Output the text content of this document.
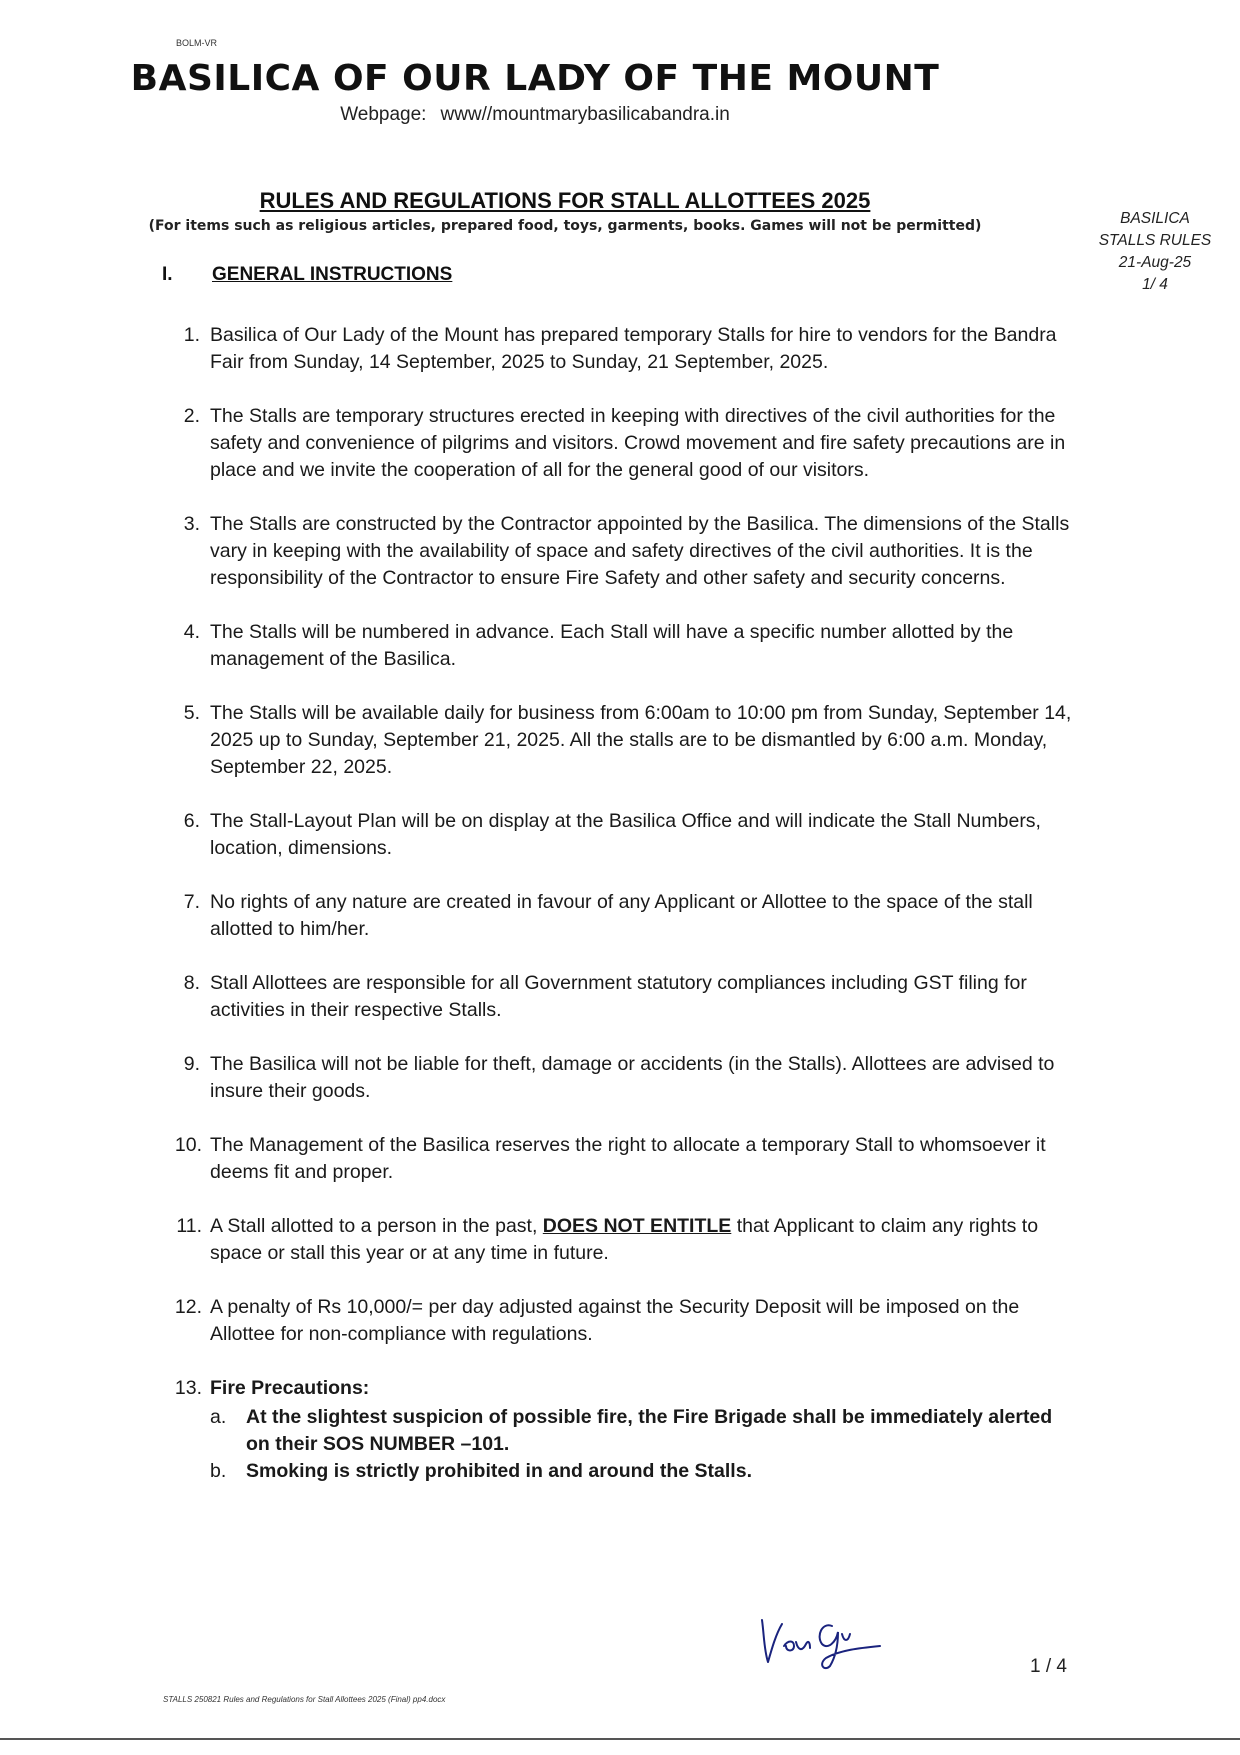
BOLM-VR
BASILICA OF OUR LADY OF THE MOUNT
Webpage: www//mountmarybasilicabandra.in
RULES AND REGULATIONS FOR STALL ALLOTTEES 2025
(For items such as religious articles, prepared food, toys, garments, books. Games will not be permitted)	BASILICA
STALLS RULES
21-Aug-25
1/ 4
I. GENERAL INSTRUCTIONS
1. Basilica of Our Lady of the Mount has prepared temporary Stalls for hire to vendors for the Bandra Fair from Sunday, 14 September, 2025 to Sunday, 21 September, 2025.
2. The Stalls are temporary structures erected in keeping with directives of the civil authorities for the safety and convenience of pilgrims and visitors. Crowd movement and fire safety precautions are in place and we invite the cooperation of all for the general good of our visitors.
3. The Stalls are constructed by the Contractor appointed by the Basilica. The dimensions of the Stalls vary in keeping with the availability of space and safety directives of the civil authorities. It is the responsibility of the Contractor to ensure Fire Safety and other safety and security concerns.
4. The Stalls will be numbered in advance. Each Stall will have a specific number allotted by the management of the Basilica.
5. The Stalls will be available daily for business from 6:00am to 10:00 pm from Sunday, September 14, 2025 up to Sunday, September 21, 2025. All the stalls are to be dismantled by 6:00 a.m. Monday, September 22, 2025.
6. The Stall-Layout Plan will be on display at the Basilica Office and will indicate the Stall Numbers, location, dimensions.
7. No rights of any nature are created in favour of any Applicant or Allottee to the space of the stall allotted to him/her.
8. Stall Allottees are responsible for all Government statutory compliances including GST filing for activities in their respective Stalls.
9. The Basilica will not be liable for theft, damage or accidents (in the Stalls). Allottees are advised to insure their goods.
10. The Management of the Basilica reserves the right to allocate a temporary Stall to whomsoever it deems fit and proper.
11. A Stall allotted to a person in the past, DOES NOT ENTITLE that Applicant to claim any rights to space or stall this year or at any time in future.
12. A penalty of Rs 10,000/= per day adjusted against the Security Deposit will be imposed on the Allottee for non-compliance with regulations.
13. Fire Precautions:
a. At the slightest suspicion of possible fire, the Fire Brigade shall be immediately alerted on their SOS NUMBER –101.
b. Smoking is strictly prohibited in and around the Stalls.
1 / 4
STALLS 250821 Rules and Regulations for Stall Allottees 2025 (Final) pp4.docx
